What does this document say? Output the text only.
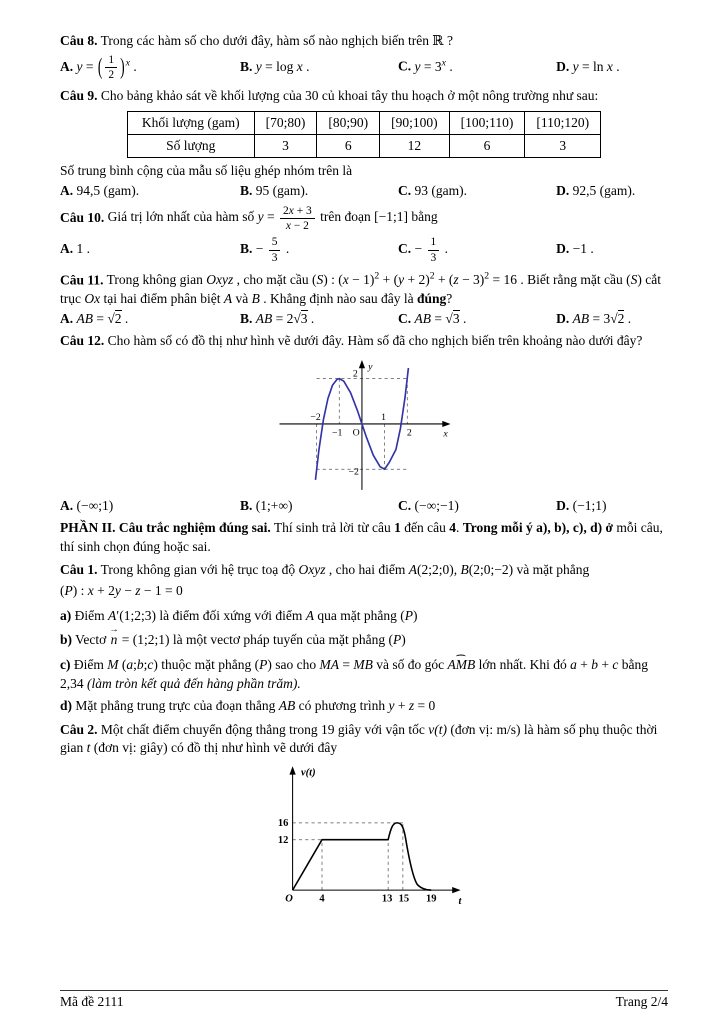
Câu 8. Trong các hàm số cho dưới đây, hàm số nào nghịch biến trên ℝ ?

A. y = ( $\frac{1}{2} )^x$ .	B. y = log x .	C. $y = 3^x$ .	D. y = ln x .

Câu 9. Cho bảng khảo sát về khối lượng của 30 củ khoai tây thu hoạch ở một nông trường như sau:

Khối lượng (gam)	[70;80)	[80;90)	[90;100)	[100;110)	[110;120)
Số lượng	3	6	12	6	3

Số trung bình cộng của mẫu số liệu ghép nhóm trên là

A. 94,5 (gam).	B. 95 (gam).	C. 93 (gam).	D. 92,5 (gam).

Câu 10. Giá trị lớn nhất của hàm số $y = \frac{2x + 3}{x - 2}$ trên đoạn [−1;1] bằng

A. 1 .	B. − $\frac{5}{3}$ .	C. − $\frac{1}{3}$ .	D. −1 .

Câu 11. Trong không gian Oxyz , cho mặt cầu (S) : $(x - 1)^2 + (y + 2)^2 + (z - 3)^2 = 16$ . Biết rằng mặt cầu (S) cắt trục Ox tại hai điểm phân biệt A và B . Khẳng định nào sau đây là đúng?

A. AB = √2 .	B. AB = 2√3 .	C. AB = √3 .	D. AB = 3√2 .

Câu 12. Cho hàm số có đồ thị như hình vẽ dưới đây. Hàm số đã cho nghịch biến trên khoảng nào dưới đây?

y
x
O
2
−2
−2
−1
1
2
A. (−∞;1)	B. (1;+∞)	C. (−∞;−1)	D. (−1;1)

PHẦN II. Câu trắc nghiệm đúng sai. Thí sinh trả lời từ câu 1 đến câu 4. Trong mỗi ý a), b), c), d) ở mỗi câu, thí sinh chọn đúng hoặc sai.

Câu 1. Trong không gian với hệ trục toạ độ Oxyz , cho hai điểm A(2;2;0), B(2;0;−2) và mặt phẳng

(P) : x + 2y − z − 1 = 0

a) Điểm A′(1;2;3) là điểm đối xứng với điểm A qua mặt phẳng (P)

b) Vectơ → n = (1;2;1) là một vectơ pháp tuyến của mặt phẳng (P)

c) Điểm M (a;b;c) thuộc mặt phẳng (P) sao cho MA = MB và số đo góc ⌢ AMB lớn nhất. Khi đó a + b + c bằng 2,34 (làm tròn kết quả đến hàng phần trăm).

d) Mặt phẳng trung trực của đoạn thẳng AB có phương trình y + z = 0

Câu 2. Một chất điểm chuyển động thẳng trong 19 giây với vận tốc v(t) (đơn vị: m/s) là hàm số phụ thuộc thời gian t (đơn vị: giây) có đồ thị như hình vẽ dưới đây

v(t)
t
16
12
O	4	13 15 19
Mã đề 2111	Trang 2/4
